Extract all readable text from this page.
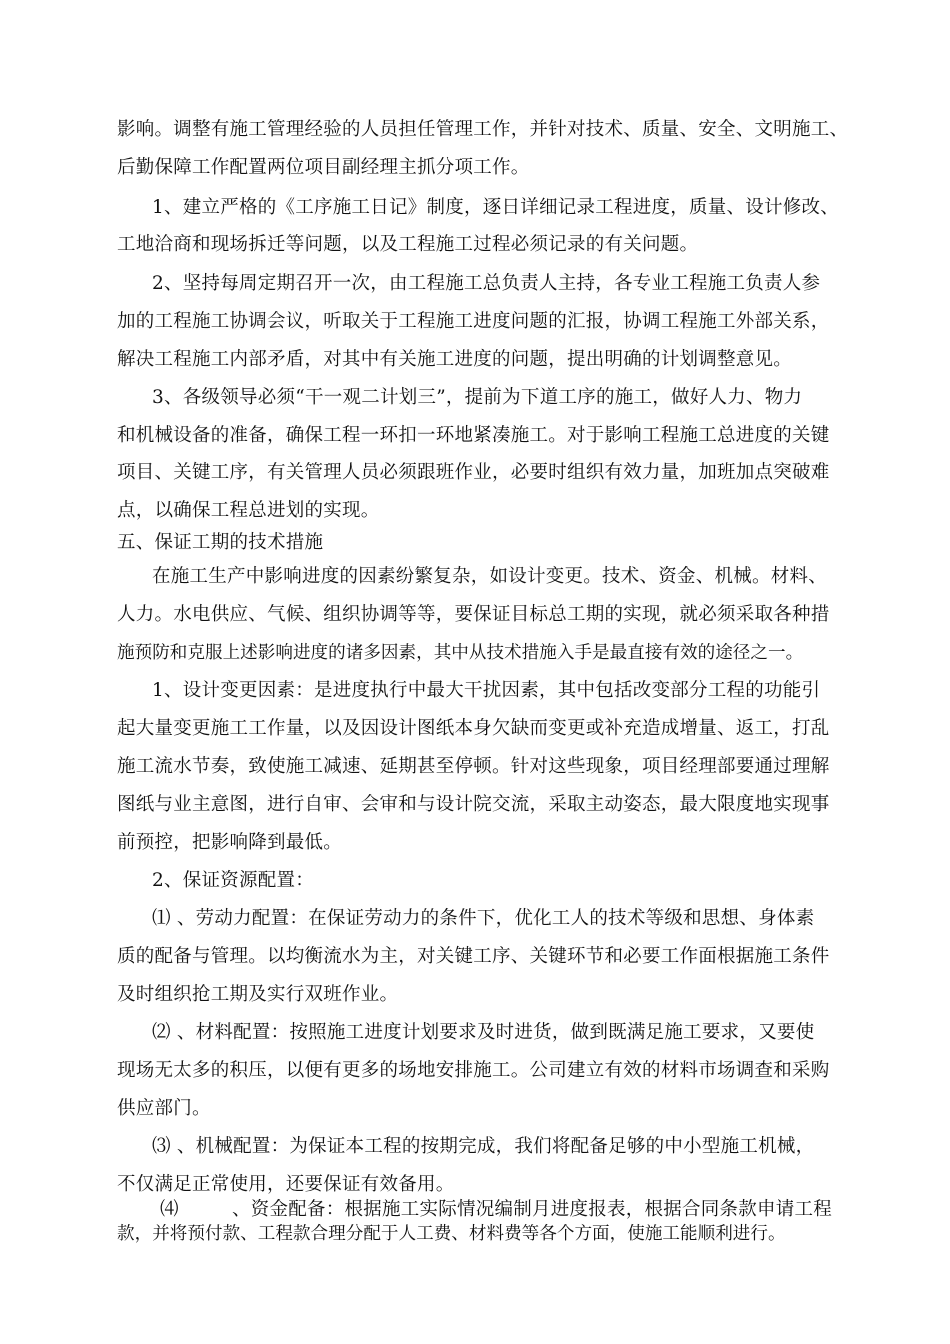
影响。调整有施工管理经验的人员担任管理工作，并针对技术、质量、安全、文明施工、
后勤保障工作配置两位项目副经理主抓分项工作。
1、建立严格的《工序施工日记》制度，逐日详细记录工程进度，质量、设计修改、
工地洽商和现场拆迁等问题，以及工程施工过程必须记录的有关问题。
2、坚持每周定期召开一次，由工程施工总负责人主持，各专业工程施工负责人参
加的工程施工协调会议，听取关于工程施工进度问题的汇报，协调工程施工外部关系，
解决工程施工内部矛盾，对其中有关施工进度的问题，提出明确的计划调整意见。
3、各级领导必须“干一观二计划三”，提前为下道工序的施工，做好人力、物力
和机械设备的准备，确保工程一环扣一环地紧凑施工。对于影响工程施工总进度的关键
项目、关键工序，有关管理人员必须跟班作业，必要时组织有效力量，加班加点突破难
点，以确保工程总进划的实现。
五、保证工期的技术措施
在施工生产中影响进度的因素纷繁复杂，如设计变更。技术、资金、机械。材料、
人力。水电供应、气候、组织协调等等，要保证目标总工期的实现，就必须采取各种措
施预防和克服上述影响进度的诸多因素，其中从技术措施入手是最直接有效的途径之一。
1、设计变更因素：是进度执行中最大干扰因素，其中包括改变部分工程的功能引
起大量变更施工工作量，以及因设计图纸本身欠缺而变更或补充造成增量、返工，打乱
施工流水节奏，致使施工减速、延期甚至停顿。针对这些现象，项目经理部要通过理解
图纸与业主意图，进行自审、会审和与设计院交流，采取主动姿态，最大限度地实现事
前预控，把影响降到最低。
2、保证资源配置：
⑴ 、劳动力配置：在保证劳动力的条件下，优化工人的技术等级和思想、身体素
质的配备与管理。以均衡流水为主，对关键工序、关键环节和必要工作面根据施工条件
及时组织抢工期及实行双班作业。
⑵ 、材料配置：按照施工进度计划要求及时进货，做到既满足施工要求，又要使
现场无太多的积压，以便有更多的场地安排施工。公司建立有效的材料市场调查和采购
供应部门。
⑶ 、机械配置：为保证本工程的按期完成，我们将配备足够的中小型施工机械，
不仅满足正常使用，还要保证有效备用。
⑷	、资金配备：根据施工实际情况编制月进度报表，根据合同条款申请工程
款，并将预付款、工程款合理分配于人工费、材料费等各个方面，使施工能顺利进行。
